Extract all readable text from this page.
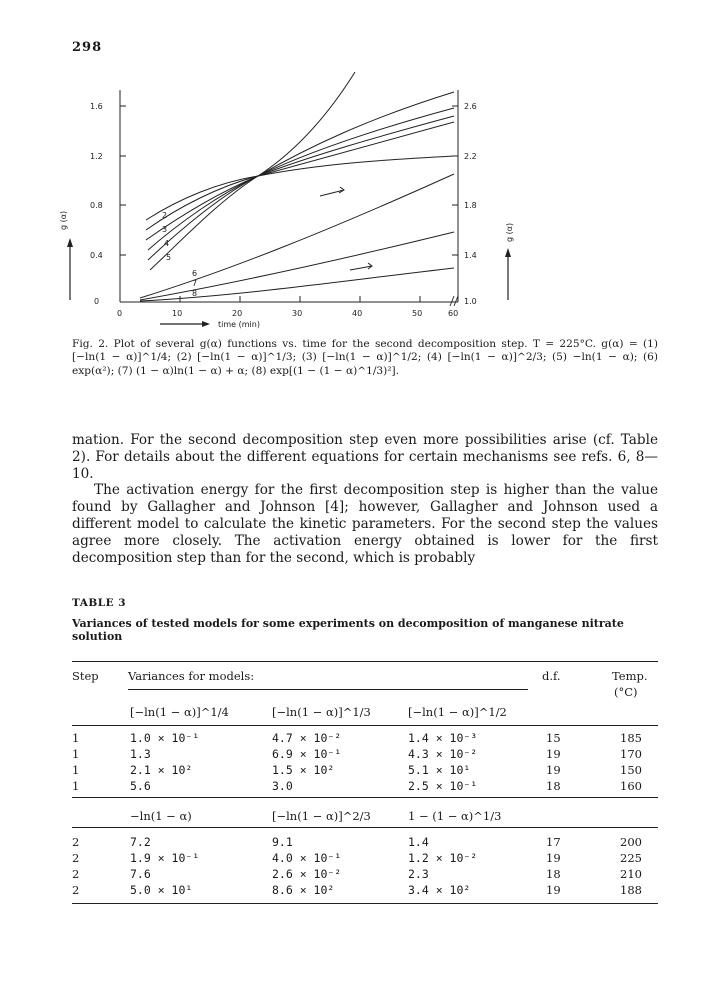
298
1.6
1.2
0.8
0.4
0
2.6
2.2
1.8
1.4
1.0
0	10	20	30	40	50	60
g (α)
g (α)
time (min)
2
3
4
5
6
7
8
Fig. 2. Plot of several g(α) functions vs. time for the second decomposition step. T = 225°C. g(α) = (1) [−ln(1 − α)]^1/4; (2) [−ln(1 − α)]^1/3; (3) [−ln(1 − α)]^1/2; (4) [−ln(1 − α)]^2/3; (5) −ln(1 − α); (6) exp(α²); (7) (1 − α)ln(1 − α) + α; (8) exp[(1 − (1 − α)^1/3)²].

mation. For the second decomposition step even more possibilities arise (cf. Table 2). For details about the different equations for certain mechanisms see refs. 6, 8—10.

The activation energy for the first decomposition step is higher than the value found by Gallagher and Johnson [4]; however, Gallagher and Johnson used a different model to calculate the kinetic parameters. For the second step the values agree more closely. The activation energy obtained is lower for the first decomposition step than for the second, which is probably

TABLE 3
Variances of tested models for some experiments on decomposition of manganese nitrate solution
Step	Variances for models:	d.f.	Temp.
(°C)
[−ln(1 − α)]^1/4	[−ln(1 − α)]^1/3	[−ln(1 − α)]^1/2
1	1.0 × 10⁻¹	4.7 × 10⁻²	1.4 × 10⁻³	15	185
1	1.3	6.9 × 10⁻¹	4.3 × 10⁻²	19	170
1	2.1 × 10²	1.5 × 10²	5.1 × 10¹	19	150
1	5.6	3.0	2.5 × 10⁻¹	18	160
−ln(1 − α)	[−ln(1 − α)]^2/3	1 − (1 − α)^1/3
2	7.2	9.1	1.4	17	200
2	1.9 × 10⁻¹	4.0 × 10⁻¹	1.2 × 10⁻²	19	225
2	7.6	2.6 × 10⁻²	2.3	18	210
2	5.0 × 10¹	8.6 × 10²	3.4 × 10²	19	188
